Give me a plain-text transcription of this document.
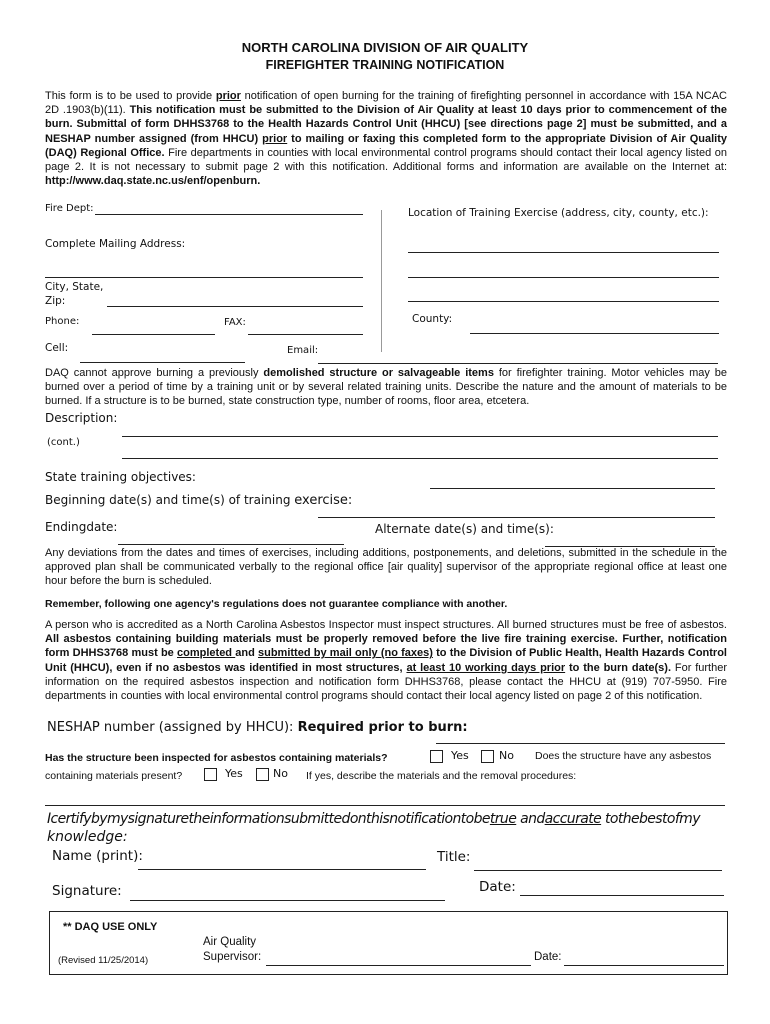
NORTH CAROLINA DIVISION OF AIR QUALITY
FIREFIGHTER TRAINING NOTIFICATION
This form is to be used to provide prior notification of open burning for the training of firefighting personnel in accordance with 15A NCAC 2D .1903(b)(11). This notification must be submitted to the Division of Air Quality at least 10 days prior to commencement of the burn. Submittal of form DHHS3768 to the Health Hazards Control Unit (HHCU) [see directions page 2] must be submitted, and a NESHAP number assigned (from HHCU) prior to mailing or faxing this completed form to the appropriate Division of Air Quality (DAQ) Regional Office. Fire departments in counties with local environmental control programs should contact their local agency listed on page 2. It is not necessary to submit page 2 with this notification. Additional forms and information are available on the Internet at: http://www.daq.state.nc.us/enf/openburn.
Fire Dept:	Location of Training Exercise (address, city, county, etc.):
Complete Mailing Address:
City, State,
Zip:
Phone:	FAX:	County:
Cell:	Email:
DAQ cannot approve burning a previously demolished structure or salvageable items for firefighter training. Motor vehicles may be burned over a period of time by a training unit or by several related training units. Describe the nature and the amount of materials to be burned. If a structure is to be burned, state construction type, number of rooms, floor area, etcetera.
Description:
(cont.)
State training objectives:
Beginning date(s) and time(s) of training exercise:
Endingdate:	Alternate date(s) and time(s):
Any deviations from the dates and times of exercises, including additions, postponements, and deletions, submitted in the schedule in the approved plan shall be communicated verbally to the regional office [air quality] supervisor of the appropriate regional office at least one hour before the burn is scheduled.
Remember, following one agency's regulations does not guarantee compliance with another.
A person who is accredited as a North Carolina Asbestos Inspector must inspect structures. All burned structures must be free of asbestos. All asbestos containing building materials must be properly removed before the live fire training exercise. Further, notification form DHHS3768 must be completed and submitted by mail only (no faxes) to the Division of Public Health, Health Hazards Control Unit (HHCU), even if no asbestos was identified in most structures, at least 10 working days prior to the burn date(s). For further information on the required asbestos inspection and notification form DHHS3768, please contact the HHCU at (919) 707-5950. Fire departments in counties with local environmental control programs should contact their local agency listed on page 2 of this notification.
NESHAP number (assigned by HHCU): Required prior to burn:
Has the structure been inspected for asbestos containing materials?	Yes	No Does the structure have any asbestos
containing materials present?	Yes	No If yes, describe the materials and the removal procedures:
Icertifybymysignaturetheinformationsubmittedonthisnotificationtobetrue andaccurate tothebestofmy
knowledge:
Name (print):	Title:
Signature:	Date:
** DAQ USE ONLY
Air Quality
Supervisor:	Date:
(Revised 11/25/2014)
